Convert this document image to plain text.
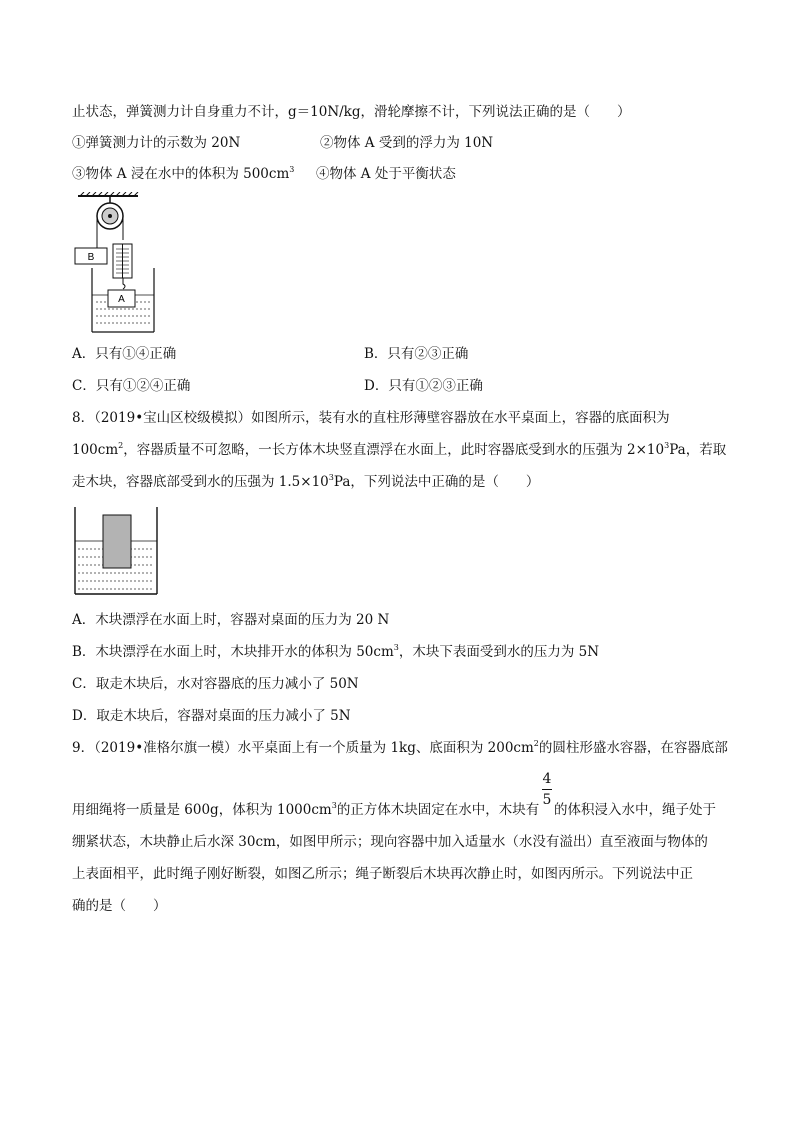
止状态，弹簧测力计自身重力不计，g＝10N/kg，滑轮摩擦不计，下列说法正确的是（　　）
①弹簧测力计的示数为 20N	②物体 A 受到的浮力为 10N
③物体 A 浸在水中的体积为 $500cm^3$ ④物体 A 处于平衡状态
B
A
A．只有①④正确	B．只有②③正确
C．只有①②④正确	D．只有①②③正确
8．（2019•宝山区校级模拟）如图所示，装有水的直柱形薄壁容器放在水平桌面上，容器的底面积为
$100cm^2$，容器质量不可忽略，一长方体木块竖直漂浮在水面上，此时容器底受到水的压强为 $2\times 10^3Pa$，若取
走木块，容器底部受到水的压强为 $1.5\times 10^3Pa$，下列说法中正确的是（　　）
A．木块漂浮在水面上时，容器对桌面的压力为 20 N
B．木块漂浮在水面上时，木块排开水的体积为 $50cm^3$，木块下表面受到水的压力为 5N
C．取走木块后，水对容器底的压力减小了 50N
D．取走木块后，容器对桌面的压力减小了 5N
9．（2019•准格尔旗一模）水平桌面上有一个质量为 1kg、底面积为 $200cm^2$的圆柱形盛水容器，在容器底部
4
5
用细绳将一质量是 600g，体积为 $1000cm^3$的正方体木块固定在水中，木块有 的体积浸入水中，绳子处于
绷紧状态，木块静止后水深 30cm，如图甲所示；现向容器中加入适量水（水没有溢出）直至液面与物体的
上表面相平，此时绳子刚好断裂，如图乙所示；绳子断裂后木块再次静止时，如图丙所示。下列说法中正
确的是（　　）
